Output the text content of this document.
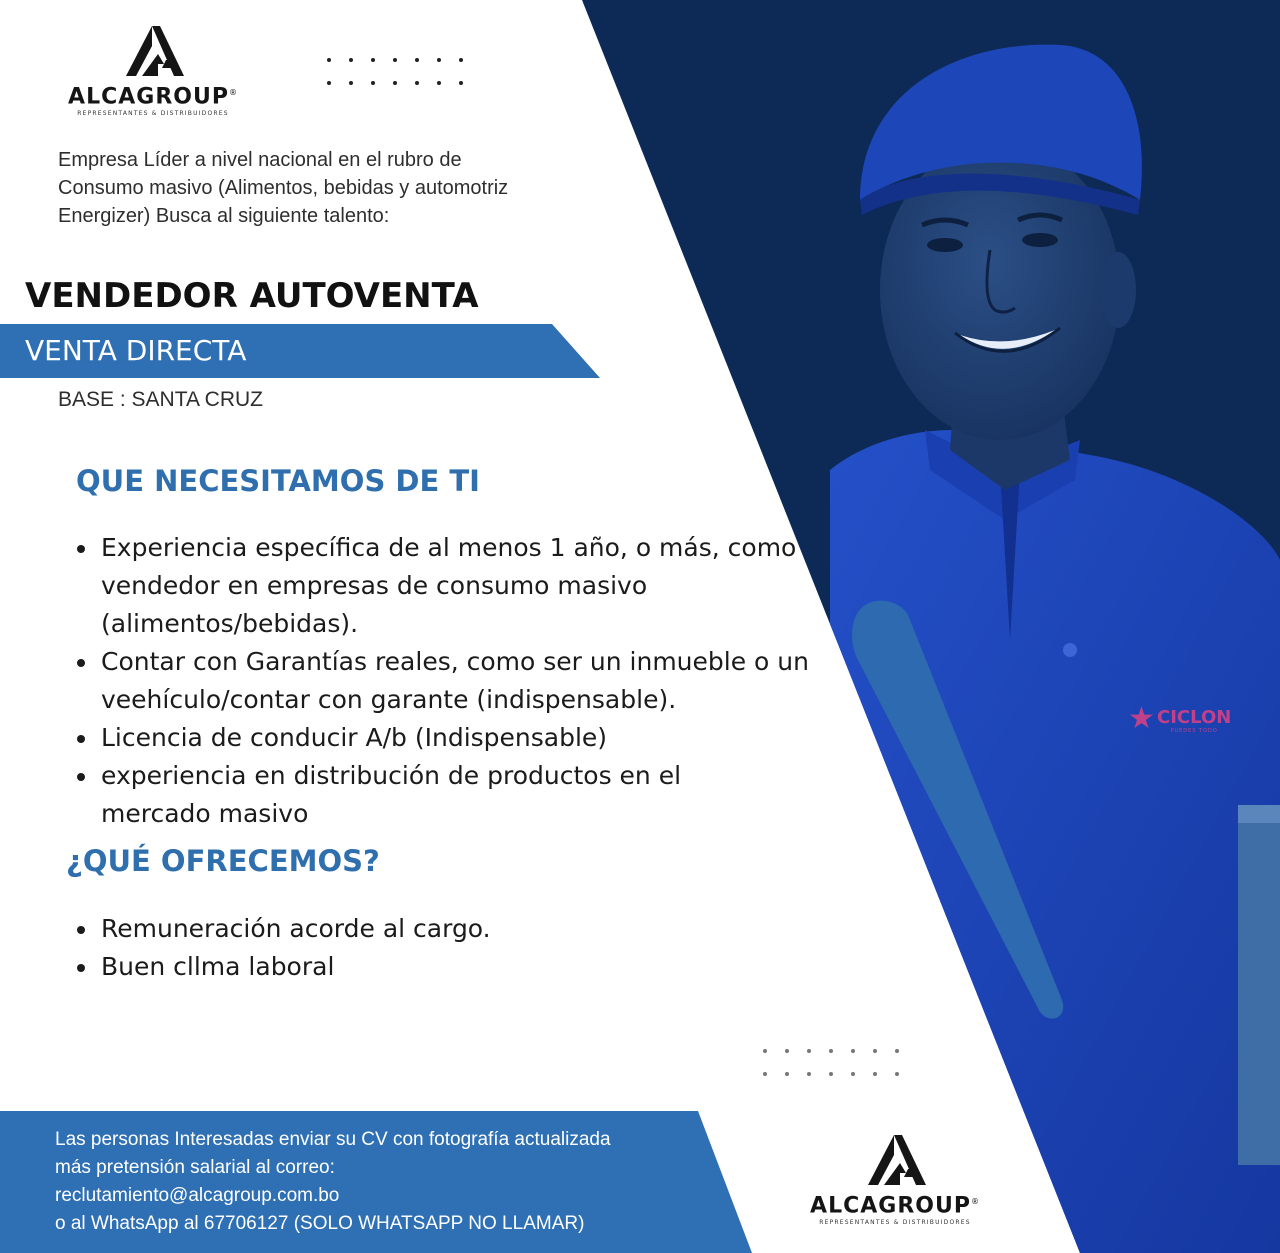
★ CICLON
PUEDES TODO
ALCAGROUP®
REPRESENTANTES & DISTRIBUIDORES
Empresa Líder a nivel nacional en el rubro de
Consumo masivo (Alimentos, bebidas y automotriz
Energizer) Busca al siguiente talento:
VENDEDOR AUTOVENTA
VENTA DIRECTA
BASE : SANTA CRUZ
QUE NECESITAMOS DE TI
Experiencia específica de al menos 1 año, o más, como vendedor en empresas de consumo masivo (alimentos/bebidas).
Contar con Garantías reales, como ser un inmueble o un veehículo/contar con garante (indispensable).
Licencia de conducir A/b (Indispensable)
experiencia en distribución de productos en el mercado masivo
¿QUÉ OFRECEMOS?
Remuneración acorde al cargo.
Buen cllma laboral
Las personas Interesadas enviar su CV con fotografía actualizada
más pretensión salarial al correo:
reclutamiento@alcagroup.com.bo
o al WhatsApp al 67706127 (SOLO WHATSAPP NO LLAMAR)
ALCAGROUP®
REPRESENTANTES & DISTRIBUIDORES
